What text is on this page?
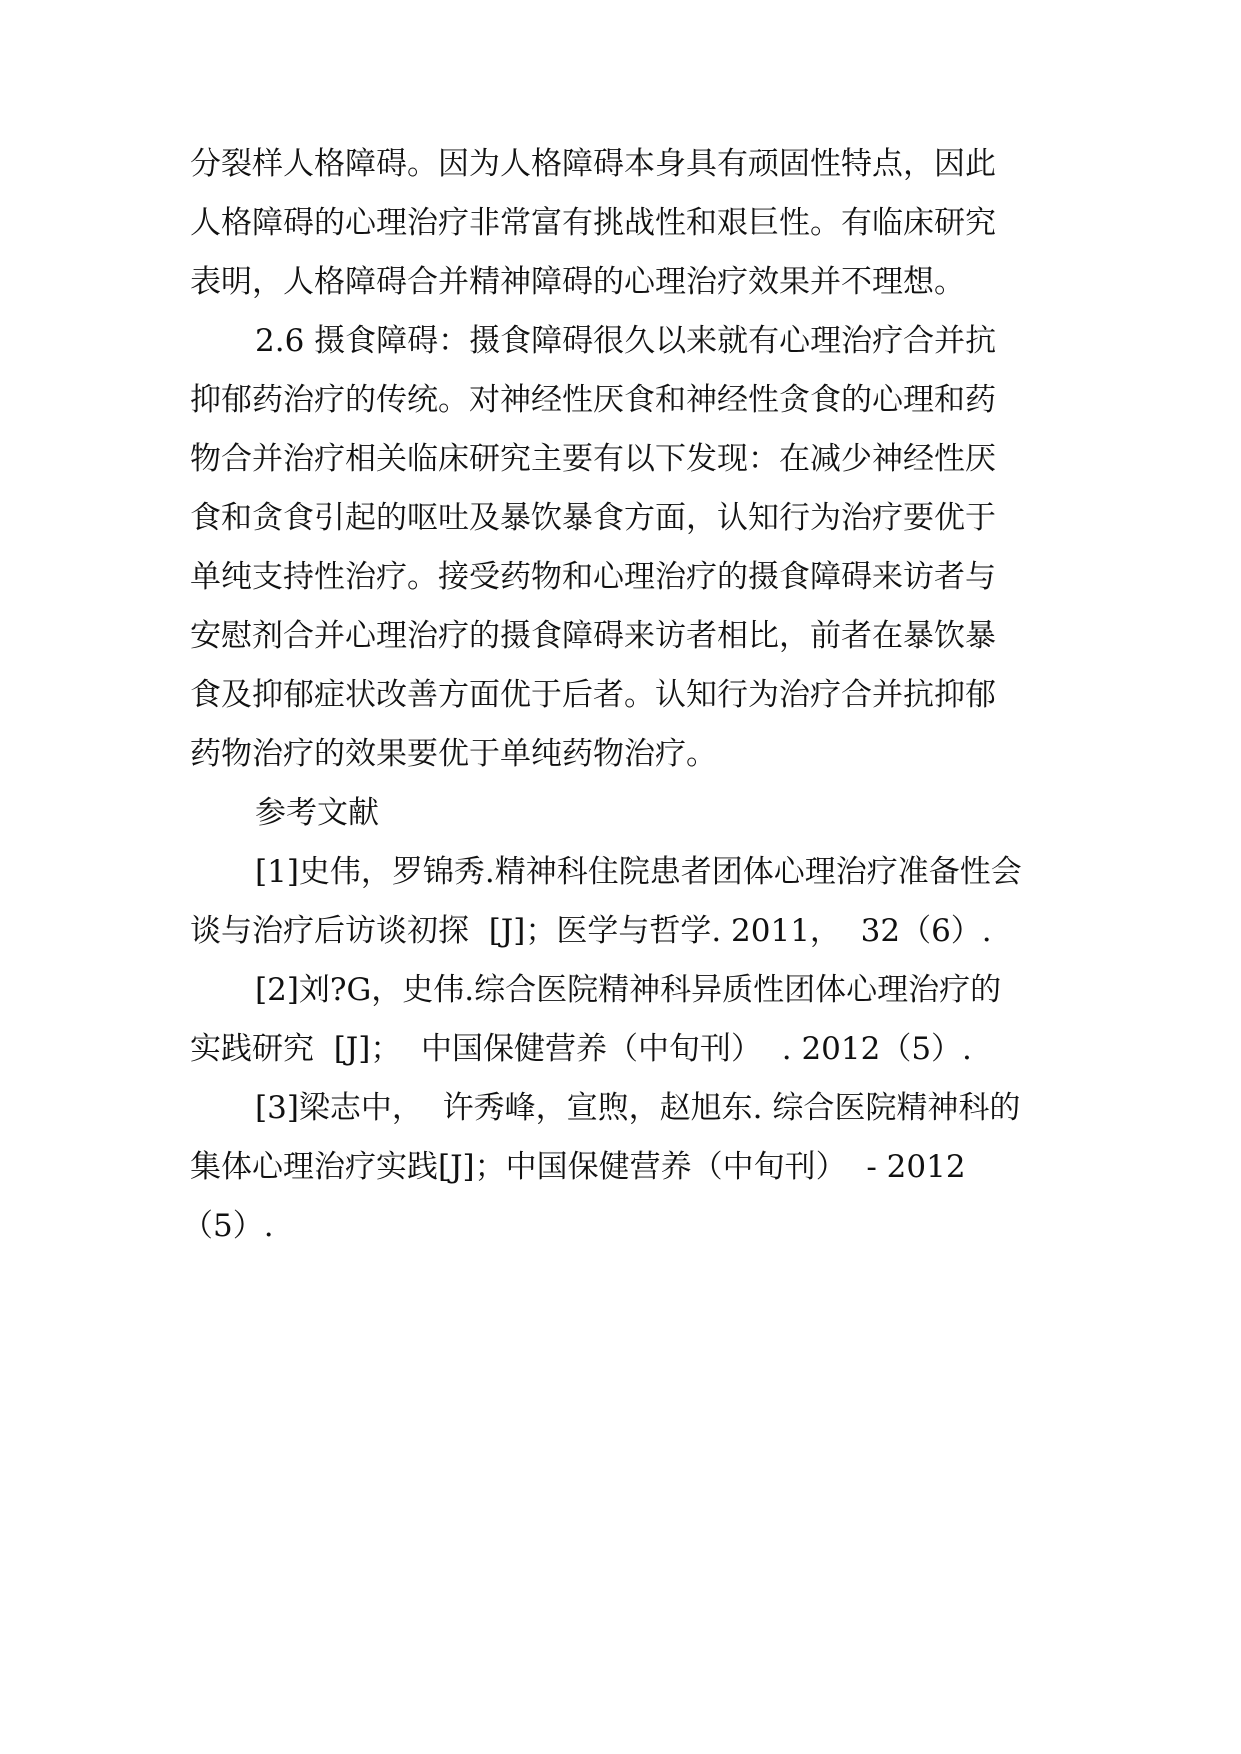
分裂样人格障碍。因为人格障碍本身具有顽固性特点，因此
人格障碍的心理治疗非常富有挑战性和艰巨性。有临床研究
表明，人格障碍合并精神障碍的心理治疗效果并不理想。
2.6 摄食障碍：摄食障碍很久以来就有心理治疗合并抗
抑郁药治疗的传统。对神经性厌食和神经性贪食的心理和药
物合并治疗相关临床研究主要有以下发现：在减少神经性厌
食和贪食引起的呕吐及暴饮暴食方面，认知行为治疗要优于
单纯支持性治疗。接受药物和心理治疗的摄食障碍来访者与
安慰剂合并心理治疗的摄食障碍来访者相比，前者在暴饮暴
食及抑郁症状改善方面优于后者。认知行为治疗合并抗抑郁
药物治疗的效果要优于单纯药物治疗。
参考文献
[1]史伟，罗锦秀.精神科住院患者团体心理治疗准备性会
谈与治疗后访谈初探  [J]；医学与哲学. 2011，  32（6）.
[2]刘?G，史伟.综合医院精神科异质性团体心理治疗的
实践研究  [J]；  中国保健营养（中旬刊）  . 2012（5）.
[3]梁志中，  许秀峰，宣煦，赵旭东. 综合医院精神科的
集体心理治疗实践[J]；中国保健营养（中旬刊）  - 2012
（5）.
